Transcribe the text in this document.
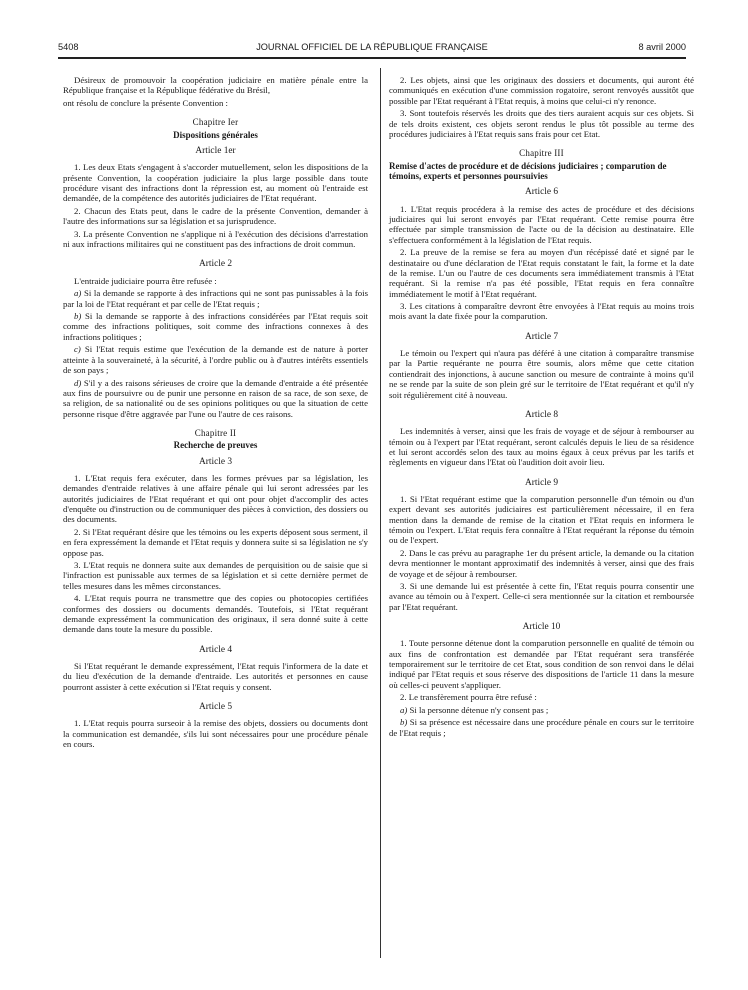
5408	JOURNAL OFFICIEL DE LA RÉPUBLIQUE FRANÇAISE	8 avril 2000

Désireux de promouvoir la coopération judiciaire en matière pénale entre la République française et la République fédérative du Brésil,

ont résolu de conclure la présente Convention :

Chapitre Ier
Dispositions générales
Article 1er

1. Les deux Etats s'engagent à s'accorder mutuellement, selon les dispositions de la présente Convention, la coopération judiciaire la plus large possible dans toute procédure visant des infractions dont la répression est, au moment où l'entraide est demandée, de la compétence des autorités judiciaires de l'Etat requérant.

2. Chacun des Etats peut, dans le cadre de la présente Convention, demander à l'autre des informations sur sa législation et sa jurisprudence.

3. La présente Convention ne s'applique ni à l'exécution des décisions d'arrestation ni aux infractions militaires qui ne constituent pas des infractions de droit commun.

Article 2

L'entraide judiciaire pourra être refusée :

a) Si la demande se rapporte à des infractions qui ne sont pas punissables à la fois par la loi de l'Etat requérant et par celle de l'Etat requis ;

b) Si la demande se rapporte à des infractions considérées par l'Etat requis soit comme des infractions politiques, soit comme des infractions connexes à des infractions politiques ;

c) Si l'Etat requis estime que l'exécution de la demande est de nature à porter atteinte à la souveraineté, à la sécurité, à l'ordre public ou à d'autres intérêts essentiels de son pays ;

d) S'il y a des raisons sérieuses de croire que la demande d'entraide a été présentée aux fins de poursuivre ou de punir une personne en raison de sa race, de son sexe, de sa religion, de sa nationalité ou de ses opinions politiques ou que la situation de cette personne risque d'être aggravée par l'une ou l'autre de ces raisons.

Chapitre II
Recherche de preuves
Article 3

1. L'Etat requis fera exécuter, dans les formes prévues par sa législation, les demandes d'entraide relatives à une affaire pénale qui lui seront adressées par les autorités judiciaires de l'Etat requérant et qui ont pour objet d'accomplir des actes d'enquête ou d'instruction ou de communiquer des pièces à conviction, des dossiers ou des documents.

2. Si l'Etat requérant désire que les témoins ou les experts déposent sous serment, il en fera expressément la demande et l'Etat requis y donnera suite si sa législation ne s'y oppose pas.

3. L'Etat requis ne donnera suite aux demandes de perquisition ou de saisie que si l'infraction est punissable aux termes de sa législation et si cette dernière permet de telles mesures dans les mêmes circonstances.

4. L'Etat requis pourra ne transmettre que des copies ou photocopies certifiées conformes des dossiers ou documents demandés. Toutefois, si l'Etat requérant demande expressément la communication des originaux, il sera donné suite à cette demande dans toute la mesure du possible.

Article 4

Si l'Etat requérant le demande expressément, l'Etat requis l'informera de la date et du lieu d'exécution de la demande d'entraide. Les autorités et personnes en cause pourront assister à cette exécution si l'Etat requis y consent.

Article 5

1. L'Etat requis pourra surseoir à la remise des objets, dossiers ou documents dont la communication est demandée, s'ils lui sont nécessaires pour une procédure pénale en cours.

2. Les objets, ainsi que les originaux des dossiers et documents, qui auront été communiqués en exécution d'une commission rogatoire, seront renvoyés aussitôt que possible par l'Etat requérant à l'Etat requis, à moins que celui-ci n'y renonce.

3. Sont toutefois réservés les droits que des tiers auraient acquis sur ces objets. Si de tels droits existent, ces objets seront rendus le plus tôt possible au terme des procédures judiciaires à l'Etat requis sans frais pour cet Etat.

Chapitre III
Remise d'actes de procédure et de décisions judiciaires ; comparution de témoins, experts et personnes poursuivies
Article 6

1. L'Etat requis procédera à la remise des actes de procédure et des décisions judiciaires qui lui seront envoyés par l'Etat requérant. Cette remise pourra être effectuée par simple transmission de l'acte ou de la décision au destinataire. Elle s'effectuera conformément à la législation de l'Etat requis.

2. La preuve de la remise se fera au moyen d'un récépissé daté et signé par le destinataire ou d'une déclaration de l'Etat requis constatant le fait, la forme et la date de la remise. L'un ou l'autre de ces documents sera immédiatement transmis à l'Etat requérant. Si la remise n'a pas été possible, l'Etat requis en fera connaître immédiatement le motif à l'Etat requérant.

3. Les citations à comparaître devront être envoyées à l'Etat requis au moins trois mois avant la date fixée pour la comparution.

Article 7

Le témoin ou l'expert qui n'aura pas déféré à une citation à comparaître transmise par la Partie requérante ne pourra être soumis, alors même que cette citation contiendrait des injonctions, à aucune sanction ou mesure de contrainte à moins qu'il ne se rende par la suite de son plein gré sur le territoire de l'Etat requérant et qu'il n'y soit régulièrement cité à nouveau.

Article 8

Les indemnités à verser, ainsi que les frais de voyage et de séjour à rembourser au témoin ou à l'expert par l'Etat requérant, seront calculés depuis le lieu de sa résidence et lui seront accordés selon des taux au moins égaux à ceux prévus par les tarifs et règlements en vigueur dans l'Etat où l'audition doit avoir lieu.

Article 9

1. Si l'Etat requérant estime que la comparution personnelle d'un témoin ou d'un expert devant ses autorités judiciaires est particulièrement nécessaire, il en fera mention dans la demande de remise de la citation et l'Etat requis en informera le témoin ou l'expert. L'Etat requis fera connaître à l'Etat requérant la réponse du témoin ou de l'expert.

2. Dans le cas prévu au paragraphe 1er du présent article, la demande ou la citation devra mentionner le montant approximatif des indemnités à verser, ainsi que des frais de voyage et de séjour à rembourser.

3. Si une demande lui est présentée à cette fin, l'Etat requis pourra consentir une avance au témoin ou à l'expert. Celle-ci sera mentionnée sur la citation et remboursée par l'Etat requérant.

Article 10

1. Toute personne détenue dont la comparution personnelle en qualité de témoin ou aux fins de confrontation est demandée par l'Etat requérant sera transférée temporairement sur le territoire de cet Etat, sous condition de son renvoi dans le délai indiqué par l'Etat requis et sous réserve des dispositions de l'article 11 dans la mesure où celles-ci peuvent s'appliquer.

2. Le transfèrement pourra être refusé :

a) Si la personne détenue n'y consent pas ;

b) Si sa présence est nécessaire dans une procédure pénale en cours sur le territoire de l'Etat requis ;
